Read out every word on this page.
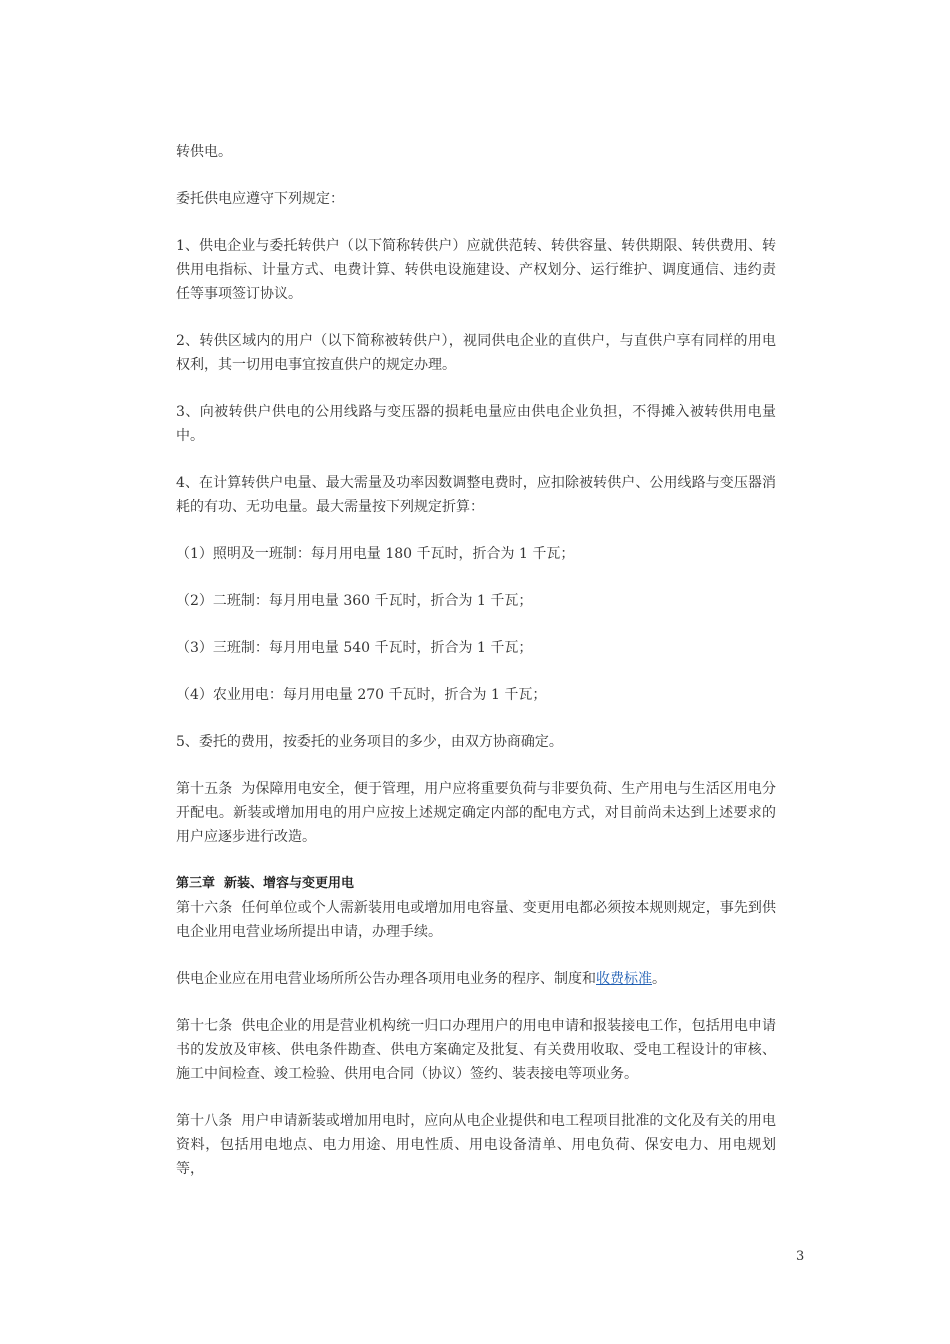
转供电。

委托供电应遵守下列规定：

1、供电企业与委托转供户（以下简称转供户）应就供范转、转供容量、转供期限、转供费用、转供用电指标、计量方式、电费计算、转供电设施建设、产权划分、运行维护、调度通信、违约责任等事项签订协议。

2、转供区域内的用户（以下简称被转供户），视同供电企业的直供户，与直供户享有同样的用电权利，其一切用电事宜按直供户的规定办理。

3、向被转供户供电的公用线路与变压器的损耗电量应由供电企业负担，不得摊入被转供用电量中。

4、在计算转供户电量、最大需量及功率因数调整电费时，应扣除被转供户、公用线路与变压器消耗的有功、无功电量。最大需量按下列规定折算：

（1）照明及一班制：每月用电量 180 千瓦时，折合为 1 千瓦；

（2）二班制：每月用电量 360 千瓦时，折合为 1 千瓦；

（3）三班制：每月用电量 540 千瓦时，折合为 1 千瓦；

（4）农业用电：每月用电量 270 千瓦时，折合为 1 千瓦；

5、委托的费用，按委托的业务项目的多少，由双方协商确定。

第十五条  为保障用电安全，便于管理，用户应将重要负荷与非要负荷、生产用电与生活区用电分开配电。新装或增加用电的用户应按上述规定确定内部的配电方式，对目前尚未达到上述要求的用户应逐步进行改造。

第三章  新装、增容与变更用电

第十六条  任何单位或个人需新装用电或增加用电容量、变更用电都必须按本规则规定，事先到供电企业用电营业场所提出申请，办理手续。

供电企业应在用电营业场所所公告办理各项用电业务的程序、制度和收费标准。

第十七条  供电企业的用是营业机构统一归口办理用户的用电申请和报装接电工作，包括用电申请书的发放及审核、供电条件勘查、供电方案确定及批复、有关费用收取、受电工程设计的审核、施工中间检查、竣工检验、供用电合同（协议）签约、装表接电等项业务。

第十八条  用户申请新装或增加用电时，应向从电企业提供和电工程项目批准的文化及有关的用电资料，包括用电地点、电力用途、用电性质、用电设备清单、用电负荷、保安电力、用电规划等，

3
